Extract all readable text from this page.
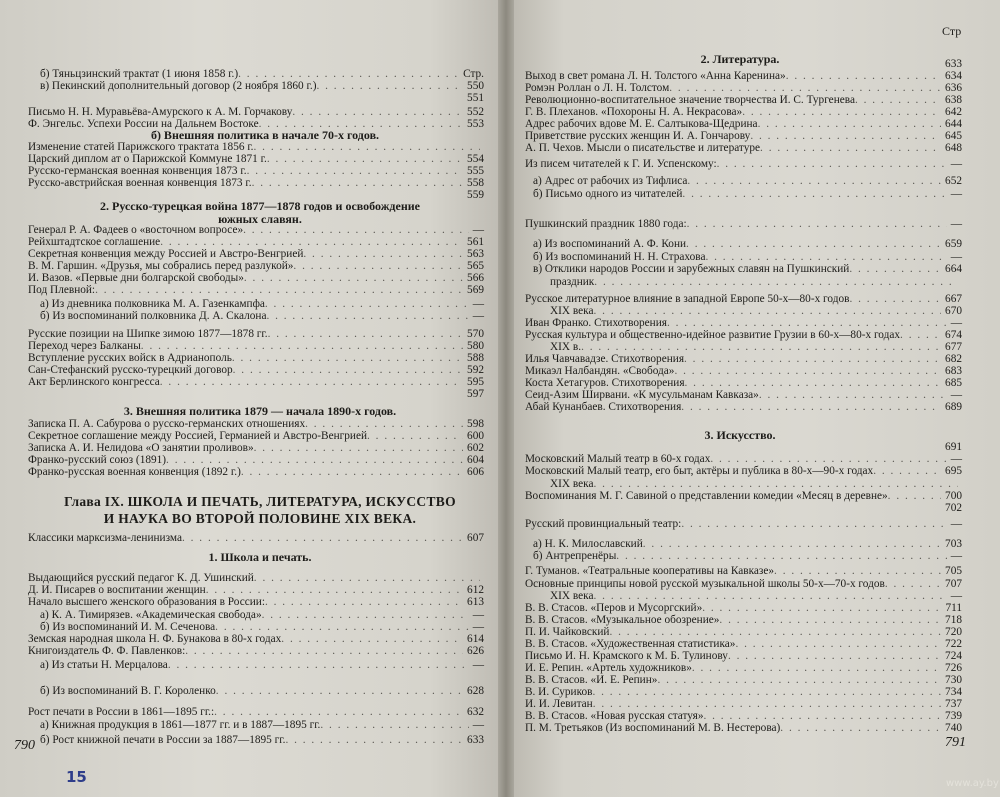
б) Внешняя политика в начале 70-х годов.
2. Русско-турецкая война 1877—1878 годов и освобождение
южных славян.
3. Внешняя политика 1879 — начала 1890-х годов.
Глава IX. ШКОЛА И ПЕЧАТЬ, ЛИТЕРАТУРА, ИСКУССТВО
И НАУКА ВО ВТОРОЙ ПОЛОВИНЕ XIX ВЕКА.
1. Школа и печать.
790
15
Стр
2. Литература.
3. Искусство.
791
www.ay.by
б) Тяньцзинский трактат (1 июня 1858 г.) . . .	Стр.
в) Пекинский дополнительный договор (2 ноября 1860 г.) . . .	550
551
Письмо Н. Н. Муравьёва-Амурского к А. М. Горчакову . . .	552
Ф. Энгельс. Успехи России на Дальнем Востоке . . .	553
Изменение статей Парижского трактата 1856 г.
. . .
Царский диплом ат о Парижской Коммуне 1871 г. . . .	554
Русско-германская военная конвенция 1873 г. . . .	555
Русско-австрийская военная конвенция 1873 г. . . .	558
559
Генерал Р. А. Фадеев о «восточном вопросе» . . .	—
Рейхштадтское соглашение . . .	561
Секретная конвенция между Россией и Австро-Венгрией . . .	563
В. М. Гаршин. «Друзья, мы собрались перед разлукой» . . .	565
И. Вазов. «Первые дни болгарской свободы» . . .	566
Под Плевной: . . .	569
а) Из дневника полковника М. А. Газенкампфа . . .	—
б) Из воспоминаний полковника Д. А. Скалона . . .	—
Русские позиции на Шипке зимою 1877—1878 гг. . . .	570
Переход через Балканы . . .	580
Вступление русских войск в Адрианополь . . .	588
Сан-Стефанский русско-турецкий договор . . .	592
Акт Берлинского конгресса . . .	595
597
Записка П. А. Сабурова о русско-германских отношениях . . .	598
Секретное соглашение между Россией, Германией и Австро-Венгрией . . .	600
Записка А. И. Нелидова «О занятии проливов» . . .	602
Франко-русский союз (1891) . . .	604
Франко-русская военная конвенция (1892 г.) . . .	606
Классики марксизма-ленинизма . . .	607
Выдающийся русский педагог К. Д. Ушинский
. . .
Д. И. Писарев о воспитании женщин . . .	612
Начало высшего женского образования в России: . . .	613
а) К. А. Тимирязев. «Академическая свобода» . . .	—
б) Из воспоминаний И. М. Сеченова . . .	—
Земская народная школа Н. Ф. Бунакова в 80-х годах . . .	614
Книгоиздатель Ф. Ф. Павленков: . . .	626
а) Из статьи Н. Мерцалова . . .	—
б) Из воспоминаний В. Г. Короленко . . .	628
Рост печати в России в 1861—1895 гг.: . . .	632
а) Книжная продукция в 1861—1877 гг. и в 1887—1895 гг. . . .	—
б) Рост книжной печати в России за 1887—1895 гг. . . .	633
633
Выход в свет романа Л. Н. Толстого «Анна Каренина» . . .	634
Ромэн Роллан о Л. Н. Толстом . . .	636
Революционно-воспитательное значение творчества И. С. Тургенева . . .	638
Г. В. Плеханов. «Похороны Н. А. Некрасова» . . .	642
Адрес рабочих вдове М. Е. Салтыкова-Щедрина . . .	644
Приветствие русских женщин И. А. Гончарову . . .	645
А. П. Чехов. Мысли о писательстве и литературе . . .	648
Из писем читателей к Г. И. Успенскому: . . .	—
а) Адрес от рабочих из Тифлиса . . .	652
б) Письмо одного из читателей . . .	—
Пушкинский праздник 1880 года: . . .	—
а) Из воспоминаний А. Ф. Кони . . .	659
б) Из воспоминаний Н. Н. Страхова . . .	—
в) Отклики народов России и зарубежных славян на Пушкинский . . .	664
праздник
. . .
Русское литературное влияние в западной Европе 50-х—80-х годов . . .	667
XIX века . . .	670
Иван Франко. Стихотворения . . .	—
Русская культура и общественно-идейное развитие Грузии в 60-х—80-х годах . . .	674
XIX в. . . .	677
Илья Чавчавадзе. Стихотворения . . .	682
Микаэл Налбандян. «Свобода» . . .	683
Коста Хетагуров. Стихотворения . . .	685
Сеид-Азим Ширвани. «К мусульманам Кавказа» . . .	—
Абай Кунанбаев. Стихотворения . . .	689
691
Московский Малый театр в 60-х годах . . .	—
Московский Малый театр, его быт, актёры и публика в 80-х—90-х годах . . .	695
XIX века
. . .
Воспоминания М. Г. Савиной о представлении комедии «Месяц в деревне» . . .	700
702
Русский провинциальный театр: . . .	—
а) Н. К. Милославский . . .	703
б) Антрепренёры . . .	—
Г. Туманов. «Театральные кооперативы на Кавказе» . . .	705
Основные принципы новой русской музыкальной школы 50-х—70-х годов . . .	707
XIX века . . .	—
В. В. Стасов. «Перов и Мусоргский» . . .	711
В. В. Стасов. «Музыкальное обозрение» . . .	718
П. И. Чайковский . . .	720
В. В. Стасов. «Художественная статистика» . . .	722
Письмо И. Н. Крамского к М. Б. Тулинову . . .	724
И. Е. Репин. «Артель художников» . . .	726
В. В. Стасов. «И. Е. Репин» . . .	730
В. И. Суриков . . .	734
И. И. Левитан . . .	737
В. В. Стасов. «Новая русская статуя» . . .	739
П. М. Третьяков (Из воспоминаний М. В. Нестерова) . . .	740
